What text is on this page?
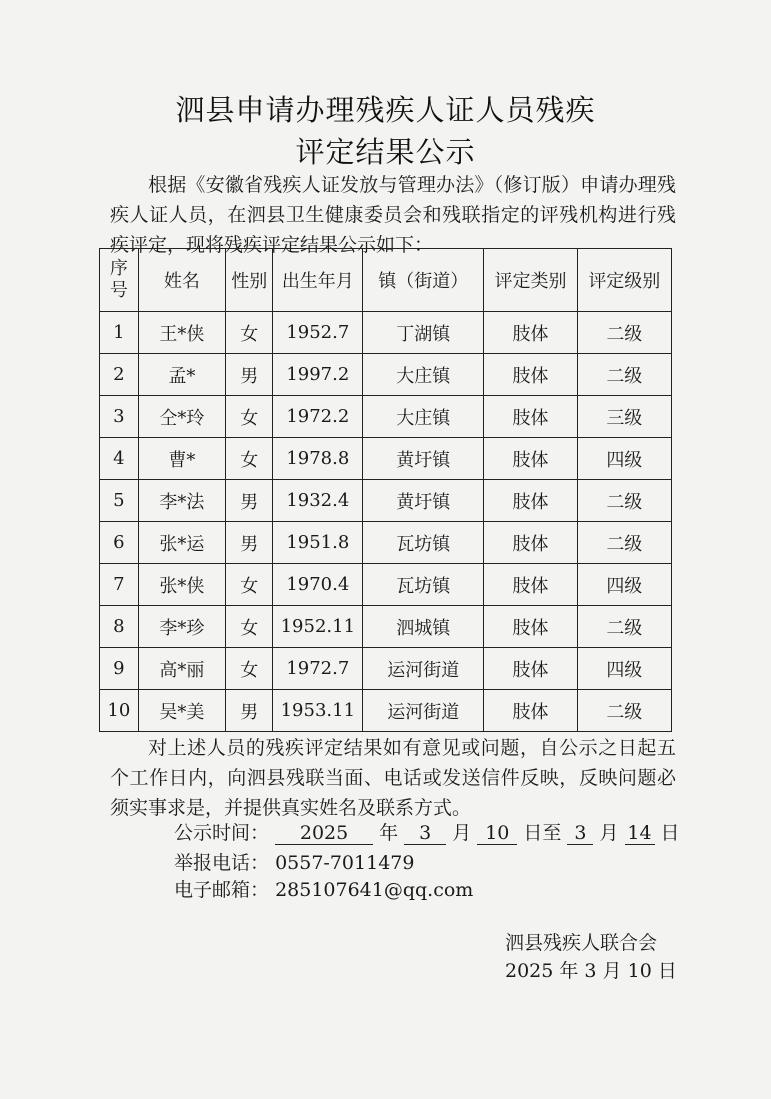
泗县申请办理残疾人证人员残疾
评定结果公示
根据《安徽省残疾人证发放与管理办法》（修订版）申请办理残疾人证人员，在泗县卫生健康委员会和残联指定的评残机构进行残疾评定，现将残疾评定结果公示如下：
序
号	姓名	性别	出生年月	镇（街道）	评定类别	评定级别
1	王*侠	女	1952.7	丁湖镇	肢体	二级
2	孟*	男	1997.2	大庄镇	肢体	二级
3	仝*玲	女	1972.2	大庄镇	肢体	三级
4	曹*	女	1978.8	黄圩镇	肢体	四级
5	李*法	男	1932.4	黄圩镇	肢体	二级
6	张*运	男	1951.8	瓦坊镇	肢体	二级
7	张*侠	女	1970.4	瓦坊镇	肢体	四级
8	李*珍	女	1952.11	泗城镇	肢体	二级
9	高*丽	女	1972.7	运河街道	肢体	四级
10	吴*美	男	1953.11	运河街道	肢体	二级
对上述人员的残疾评定结果如有意见或问题，自公示之日起五个工作日内，向泗县残联当面、电话或发送信件反映，反映问题必须实事求是，并提供真实姓名及联系方式。
公示时间： 2025 年 3 月 10 日至 3 月 14 日
举报电话： 0557-7011479
电子邮箱： 285107641@qq.com
泗县残疾人联合会
2025 年 3 月 10 日
